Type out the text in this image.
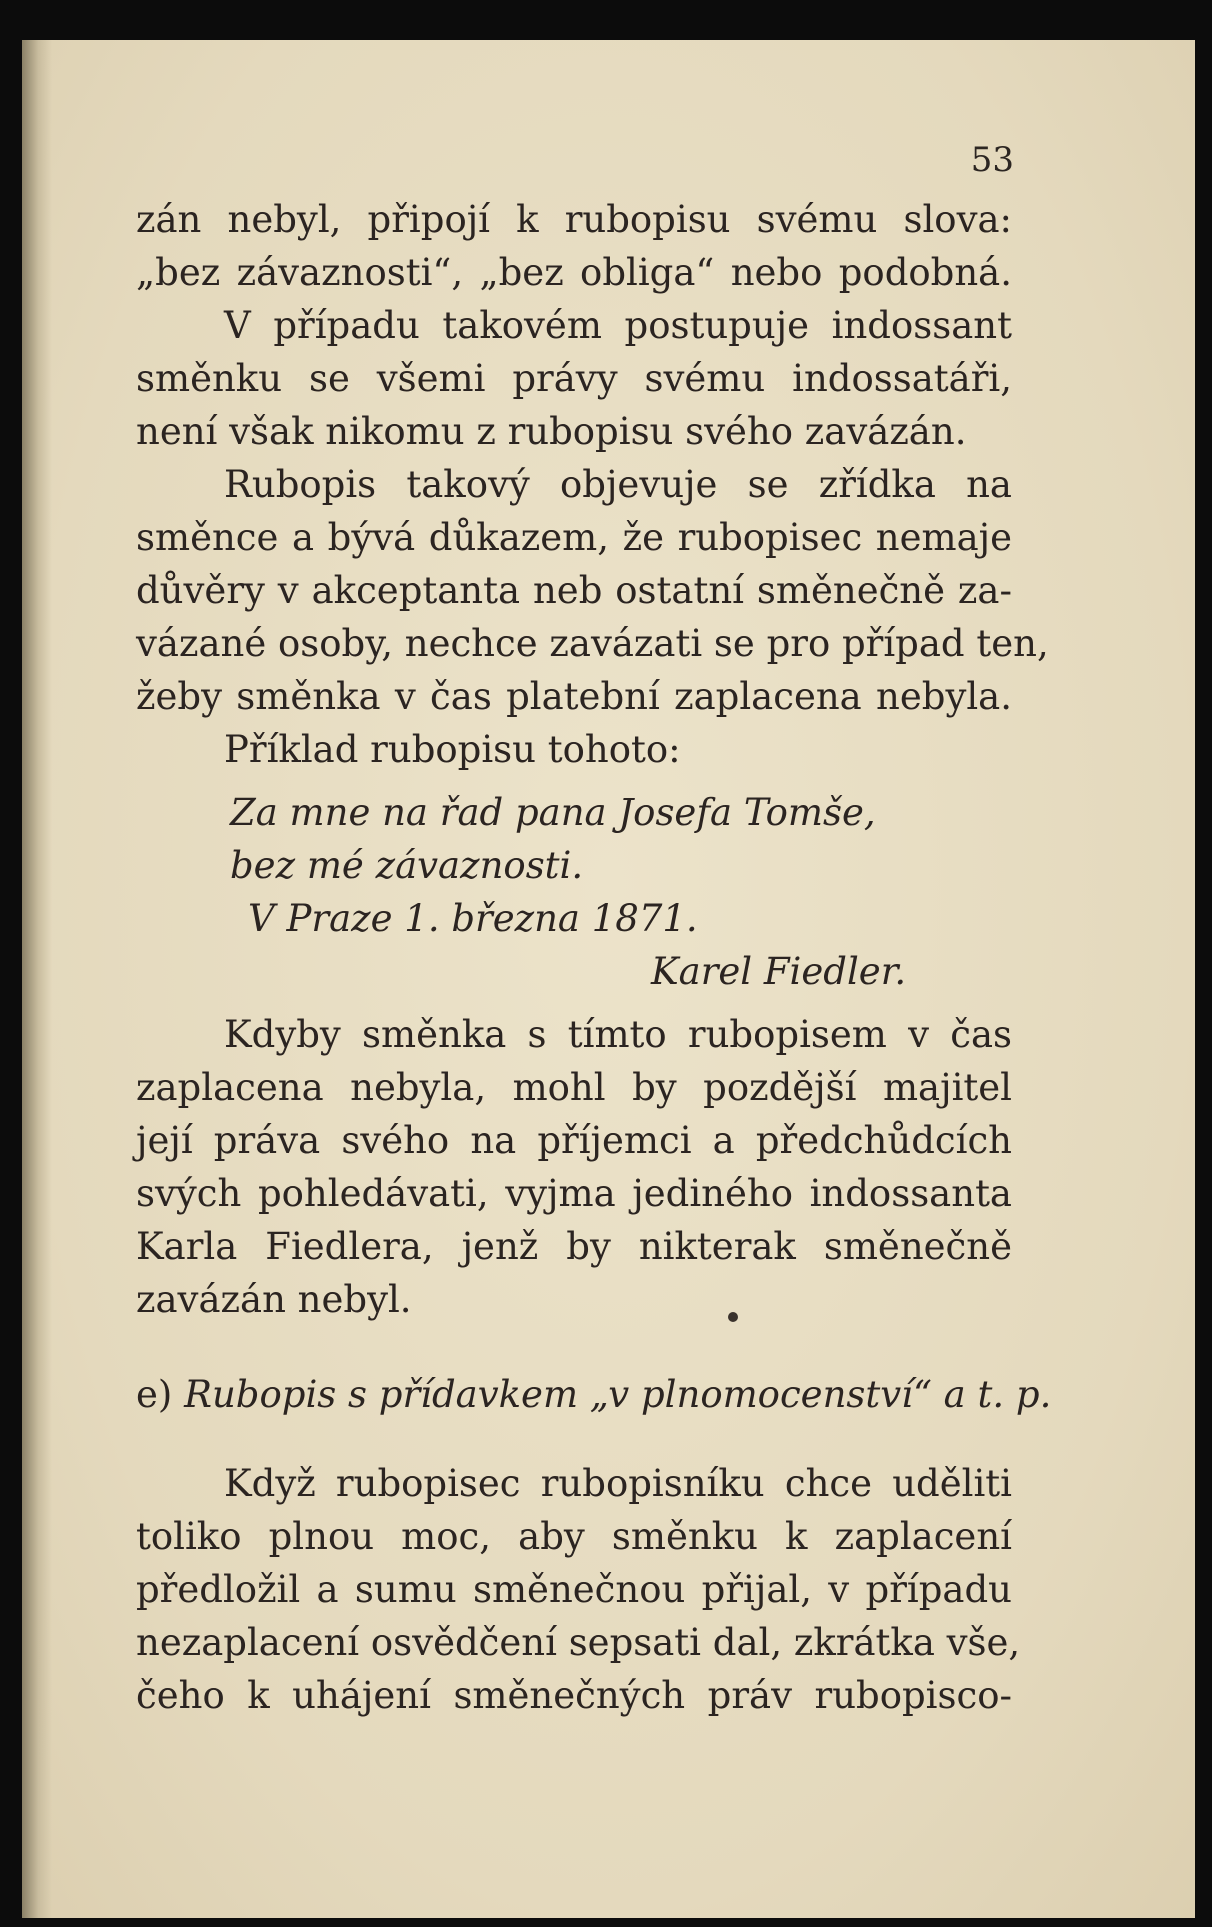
53
zán nebyl, připojí k rubopisu svému slova:
„bez závaznosti“, „bez obliga“ nebo podobná.
V případu takovém postupuje indossant
směnku se všemi právy svému indossatáři,
není však nikomu z rubopisu svého zavázán.
Rubopis takový objevuje se zřídka na
směnce a bývá důkazem, že rubopisec nemaje
důvěry v akceptanta neb ostatní směnečně za-
vázané osoby, nechce zavázati se pro případ ten,
žeby směnka v čas platební zaplacena nebyla.
Příklad rubopisu tohoto:
Za mne na řad pana Josefa Tomše,
bez mé závaznosti.
V Praze 1. března 1871.
Karel Fiedler.
Kdyby směnka s tímto rubopisem v čas
zaplacena nebyla, mohl by pozdější majitel
její práva svého na příjemci a předchůdcích
svých pohledávati, vyjma jediného indossanta
Karla Fiedlera, jenž by nikterak směnečně
zavázán nebyl.
e) Rubopis s přídavkem „v plnomocenství“ a t. p.
Když rubopisec rubopisníku chce uděliti
toliko plnou moc, aby směnku k zaplacení
předložil a sumu směnečnou přijal, v případu
nezaplacení osvědčení sepsati dal, zkrátka vše,
čeho k uhájení směnečných práv rubopisco-
